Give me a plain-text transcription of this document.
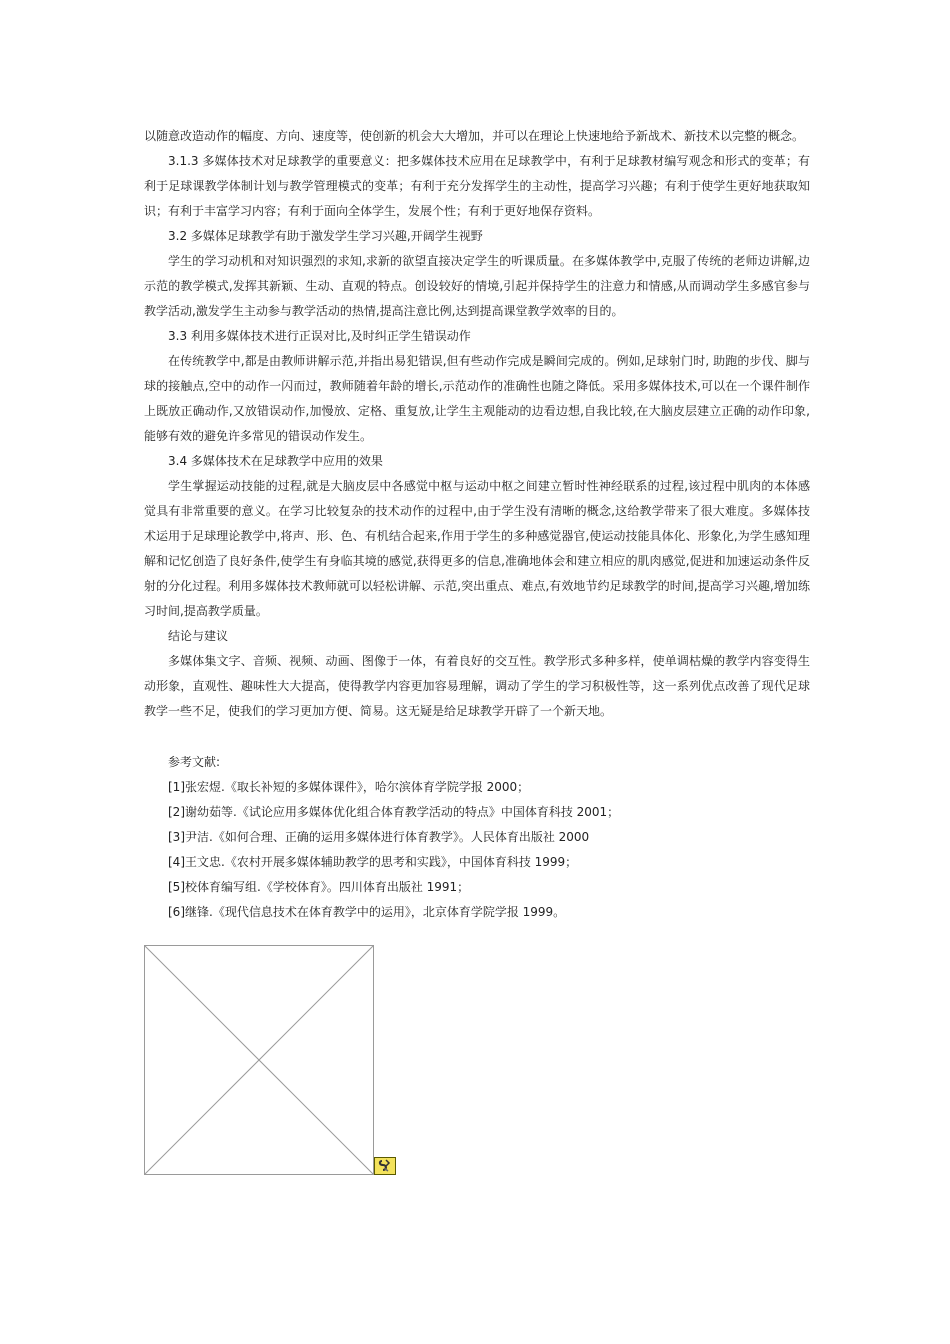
以随意改造动作的幅度、方向、速度等，使创新的机会大大增加，并可以在理论上快速地给予新战术、新技术以完整的概念。

3.1.3 多媒体技术对足球教学的重要意义：把多媒体技术应用在足球教学中，有利于足球教材编写观念和形式的变革；有利于足球课教学体制计划与教学管理模式的变革；有利于充分发挥学生的主动性，提高学习兴趣；有利于使学生更好地获取知识；有利于丰富学习内容；有利于面向全体学生，发展个性；有利于更好地保存资料。

3.2 多媒体足球教学有助于激发学生学习兴趣,开阔学生视野

学生的学习动机和对知识强烈的求知,求新的欲望直接决定学生的听课质量。在多媒体教学中,克服了传统的老师边讲解,边示范的教学模式,发挥其新颖、生动、直观的特点。创设较好的情境,引起并保持学生的注意力和情感,从而调动学生多感官参与教学活动,激发学生主动参与教学活动的热情,提高注意比例,达到提高课堂教学效率的目的。

3.3 利用多媒体技术进行正误对比,及时纠正学生错误动作

在传统教学中,都是由教师讲解示范,并指出易犯错误,但有些动作完成是瞬间完成的。例如,足球射门时, 助跑的步伐、脚与球的接触点,空中的动作一闪而过，教师随着年龄的增长,示范动作的准确性也随之降低。采用多媒体技术,可以在一个课件制作上既放正确动作,又放错误动作,加慢放、定格、重复放,让学生主观能动的边看边想,自我比较,在大脑皮层建立正确的动作印象,能够有效的避免许多常见的错误动作发生。

3.4 多媒体技术在足球教学中应用的效果

学生掌握运动技能的过程,就是大脑皮层中各感觉中枢与运动中枢之间建立暂时性神经联系的过程,该过程中肌肉的本体感觉具有非常重要的意义。在学习比较复杂的技术动作的过程中,由于学生没有清晰的概念,这给教学带来了很大难度。多媒体技术运用于足球理论教学中,将声、形、色、有机结合起来,作用于学生的多种感觉器官,使运动技能具体化、形象化,为学生感知理解和记忆创造了良好条件,使学生有身临其境的感觉,获得更多的信息,准确地体会和建立相应的肌肉感觉,促进和加速运动条件反射的分化过程。利用多媒体技术教师就可以轻松讲解、示范,突出重点、难点,有效地节约足球教学的时间,提高学习兴趣,增加练习时间,提高教学质量。

结论与建议

多媒体集文字、音频、视频、动画、图像于一体，有着良好的交互性。教学形式多种多样，使单调枯燥的教学内容变得生动形象，直观性、趣味性大大提高，使得教学内容更加容易理解，调动了学生的学习积极性等，这一系列优点改善了现代足球教学一些不足，使我们的学习更加方便、简易。这无疑是给足球教学开辟了一个新天地。

参考文献:

[1]张宏煜.《取长补短的多媒体课件》，哈尔滨体育学院学报 2000；

[2]谢幼茹等.《试论应用多媒体优化组合体育教学活动的特点》中国体育科技 2001；

[3]尹洁.《如何合理、正确的运用多媒体进行体育教学》。人民体育出版社 2000

[4]王文忠.《农村开展多媒体辅助教学的思考和实践》，中国体育科技 1999；

[5]校体育编写组.《学校体育》。四川体育出版社 1991；

[6]继锋.《现代信息技术在体育教学中的运用》，北京体育学院学报 1999。
